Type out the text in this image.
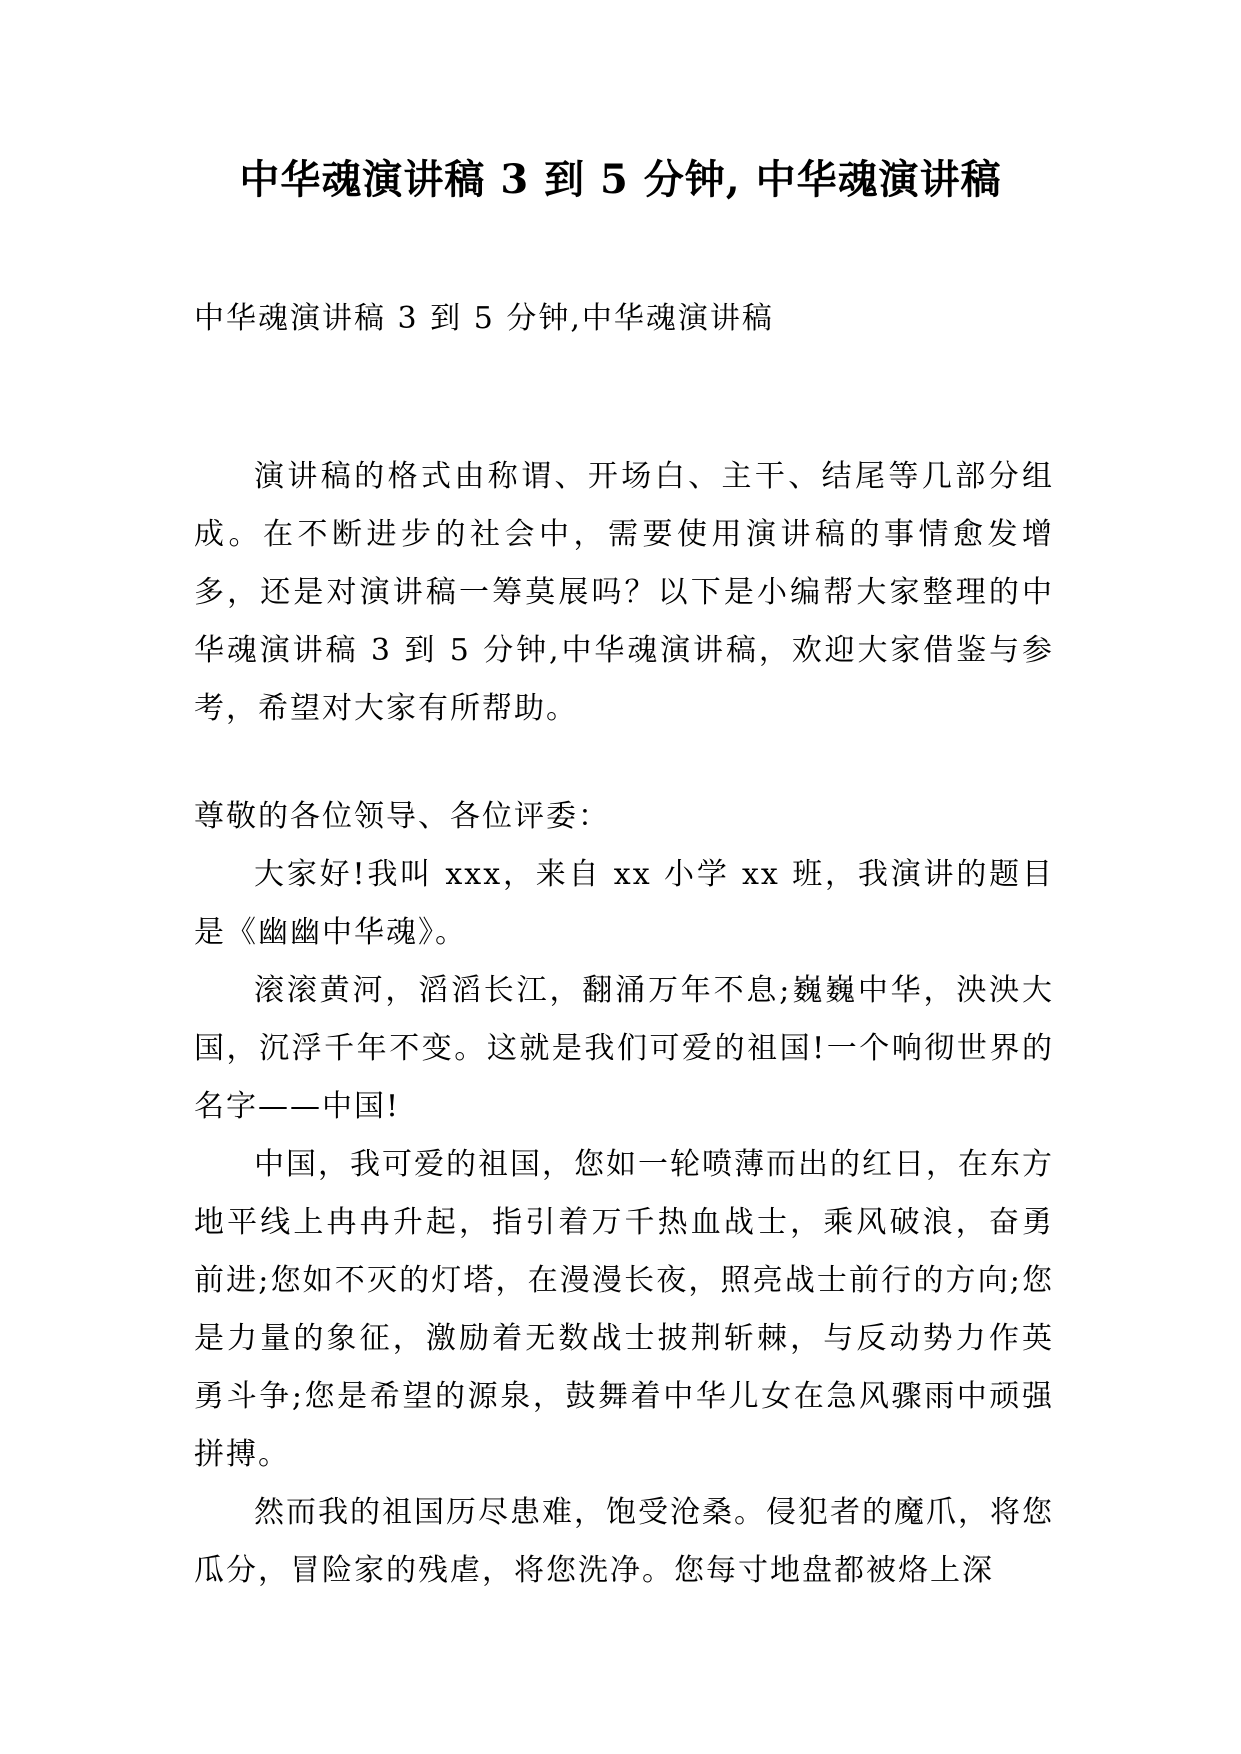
中华魂演讲稿 3 到 5 分钟, 中华魂演讲稿

中华魂演讲稿 3 到 5 分钟,中华魂演讲稿

演讲稿的格式由称谓、开场白、主干、结尾等几部分组成。在不断进步的社会中，需要使用演讲稿的事情愈发增多，还是对演讲稿一筹莫展吗？以下是小编帮大家整理的中华魂演讲稿 3 到 5 分钟,中华魂演讲稿，欢迎大家借鉴与参考，希望对大家有所帮助。

尊敬的各位领导、各位评委：

大家好!我叫 xxx，来自 xx 小学 xx 班，我演讲的题目是《幽幽中华魂》。

滚滚黄河，滔滔长江，翻涌万年不息;巍巍中华，泱泱大国，沉浮千年不变。这就是我们可爱的祖国!一个响彻世界的名字——中国!

中国，我可爱的祖国，您如一轮喷薄而出的红日，在东方地平线上冉冉升起，指引着万千热血战士，乘风破浪，奋勇前进;您如不灭的灯塔，在漫漫长夜，照亮战士前行的方向;您是力量的象征，激励着无数战士披荆斩棘，与反动势力作英勇斗争;您是希望的源泉，鼓舞着中华儿女在急风骤雨中顽强拼搏。

然而我的祖国历尽患难，饱受沧桑。侵犯者的魔爪，将您瓜分，冒险家的残虐，将您洗净。您每寸地盘都被烙上深
